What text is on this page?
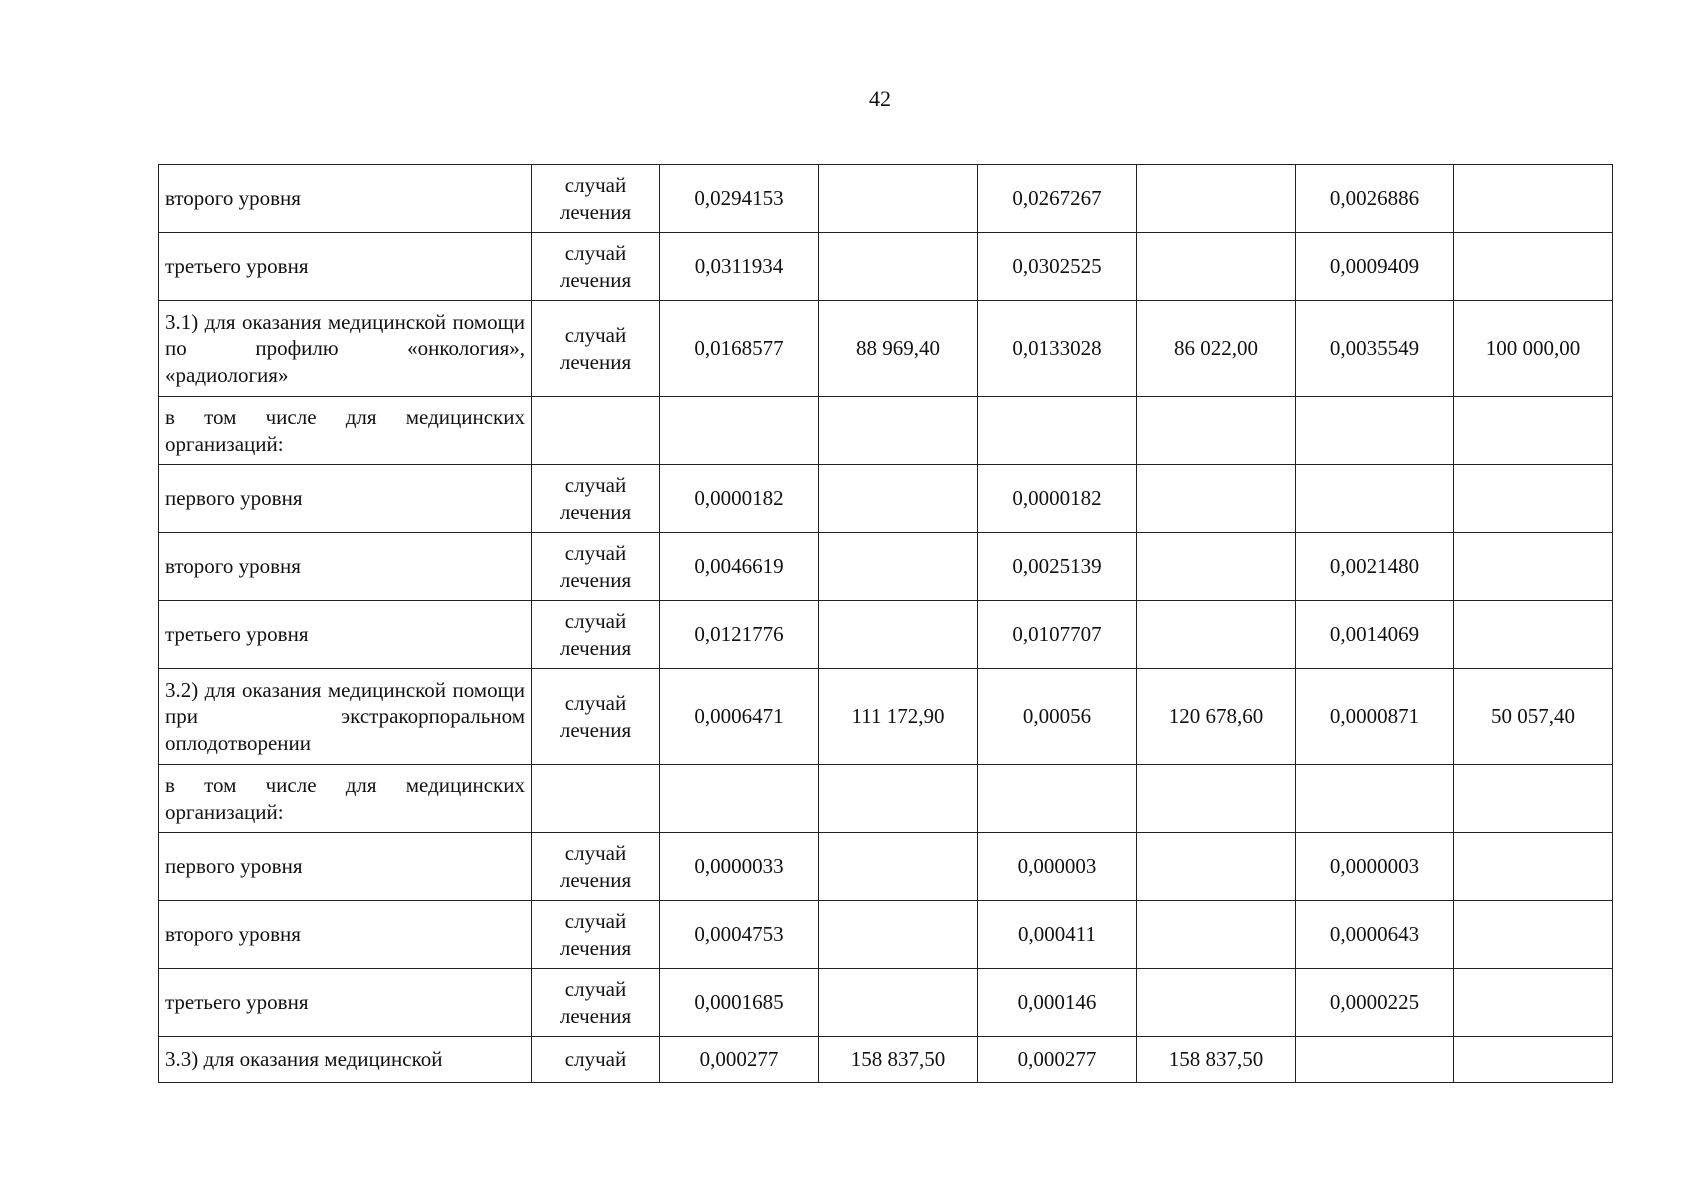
42
второго уровня	случай лечения	0,0294153		0,0267267		0,0026886	
третьего уровня	случай лечения	0,0311934		0,0302525		0,0009409	
3.1) для оказания медицинской помощи по профилю «онкология», «радиология»	случай лечения	0,0168577	88 969,40	0,0133028	86 022,00	0,0035549	100 000,00
в том числе для медицинских организаций:							
первого уровня	случай лечения	0,0000182		0,0000182			
второго уровня	случай лечения	0,0046619		0,0025139		0,0021480	
третьего уровня	случай лечения	0,0121776		0,0107707		0,0014069	
3.2) для оказания медицинской помощи при экстракорпоральном оплодотворении	случай лечения	0,0006471	111 172,90	0,00056	120 678,60	0,0000871	50 057,40
в том числе для медицинских организаций:							
первого уровня	случай лечения	0,0000033		0,000003		0,0000003	
второго уровня	случай лечения	0,0004753		0,000411		0,0000643	
третьего уровня	случай лечения	0,0001685		0,000146		0,0000225	
3.3) для оказания медицинской	случай	0,000277	158 837,50	0,000277	158 837,50		
